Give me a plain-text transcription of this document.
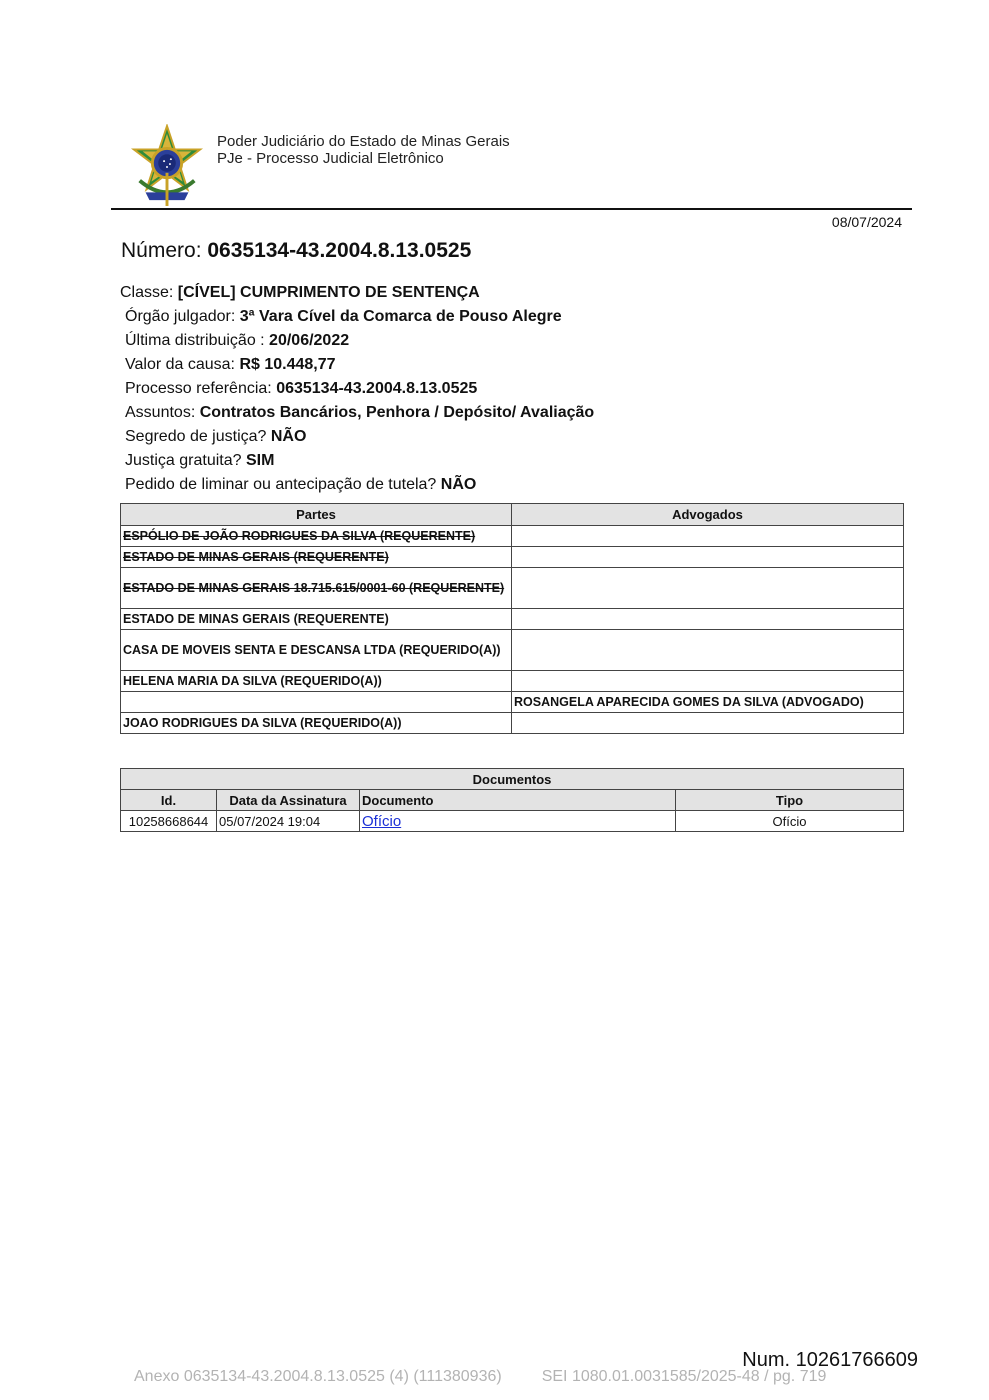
Poder Judiciário do Estado de Minas Gerais
PJe - Processo Judicial Eletrônico
08/07/2024
Número: 0635134-43.2004.8.13.0525
Classe: [CÍVEL] CUMPRIMENTO DE SENTENÇA
Órgão julgador: 3ª Vara Cível da Comarca de Pouso Alegre
Última distribuição : 20/06/2022
Valor da causa: R$ 10.448,77
Processo referência: 0635134-43.2004.8.13.0525
Assuntos: Contratos Bancários, Penhora / Depósito/ Avaliação
Segredo de justiça? NÃO
Justiça gratuita? SIM
Pedido de liminar ou antecipação de tutela? NÃO
Partes	Advogados
ESPÓLIO DE JOÃO RODRIGUES DA SILVA (REQUERENTE)	
ESTADO DE MINAS GERAIS (REQUERENTE)	
ESTADO DE MINAS GERAIS 18.715.615/0001-60 (REQUERENTE)	
ESTADO DE MINAS GERAIS (REQUERENTE)	
CASA DE MOVEIS SENTA E DESCANSA LTDA (REQUERIDO(A))	
HELENA MARIA DA SILVA (REQUERIDO(A))	
	ROSANGELA APARECIDA GOMES DA SILVA (ADVOGADO)
JOAO RODRIGUES DA SILVA (REQUERIDO(A))	
Documentos			
Id.	Data da Assinatura	Documento	Tipo
10258668644	05/07/2024 19:04	Ofício	Ofício
Num. 10261766609
Anexo 0635134-43.2004.8.13.0525 (4) (111380936)	SEI 1080.01.0031585/2025-48 / pg. 719
